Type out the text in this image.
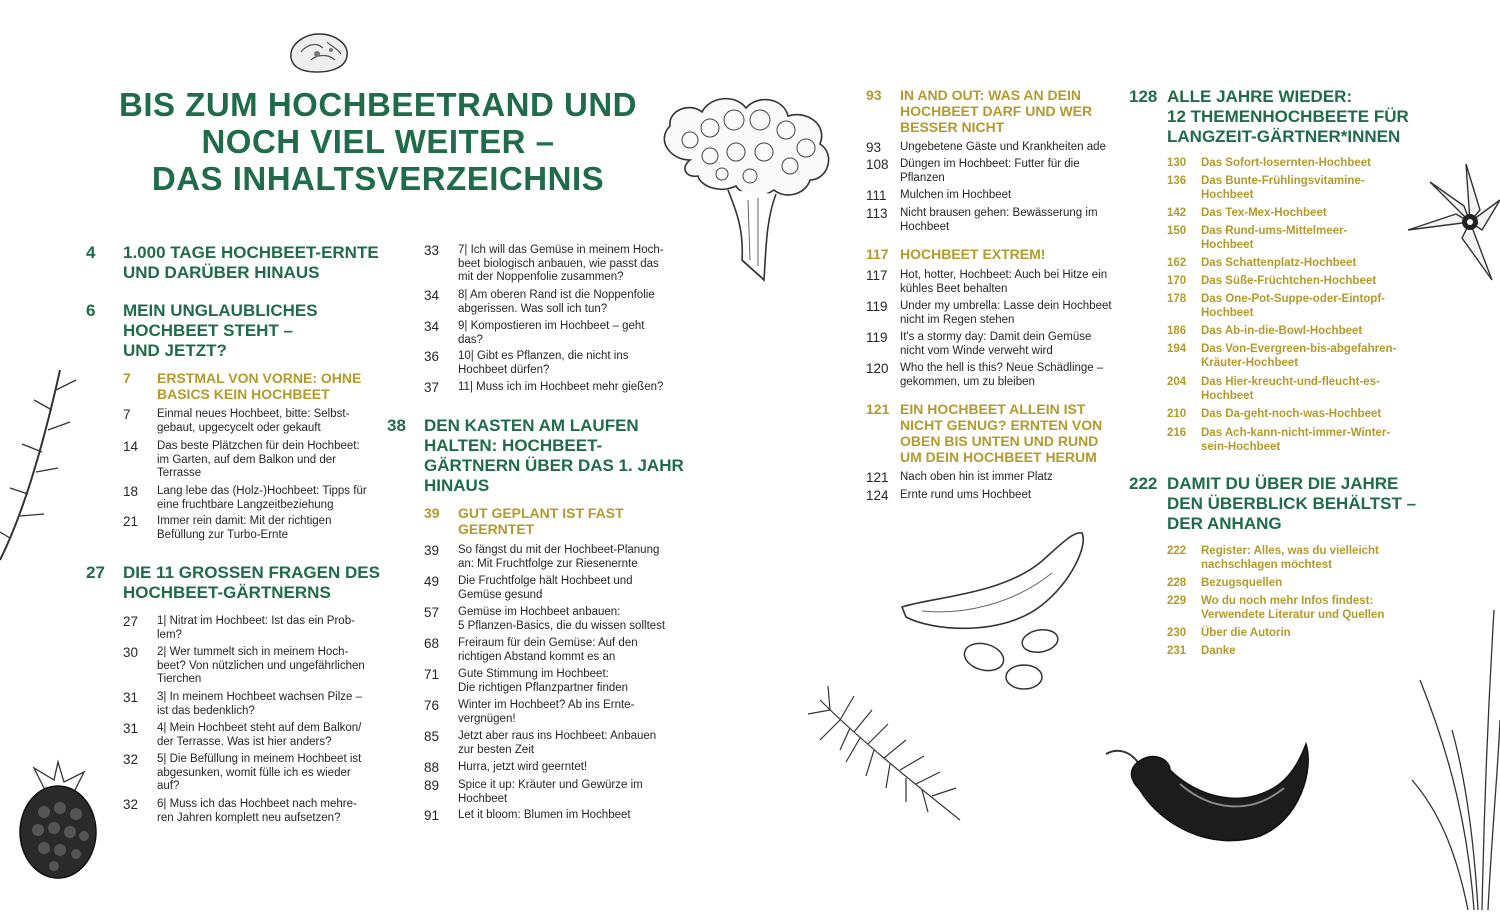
BIS ZUM HOCHBEETRAND UND
NOCH VIEL WEITER –
DAS INHALTSVERZEICHNIS
4 1.000 TAGE HOCHBEET-ERNTE
UND DARÜBER HINAUS
6 MEIN UNGLAUBLICHES
HOCHBEET STEHT –
UND JETZT?
7 ERSTMAL VON VORNE: OHNE
BASICS KEIN HOCHBEET
7 Einmal neues Hochbeet, bitte: Selbst-
gebaut, upgecycelt oder gekauft
14 Das beste Plätzchen für dein Hochbeet:
im Garten, auf dem Balkon und der
Terrasse
18 Lang lebe das (Holz-)Hochbeet: Tipps für
eine fruchtbare Langzeitbeziehung
21 Immer rein damit: Mit der richtigen
Befüllung zur Turbo-Ernte
27 DIE 11 GROSSEN FRAGEN DES
HOCHBEET-GÄRTNERNS
27 1| Nitrat im Hochbeet: Ist das ein Prob-
lem?
30 2| Wer tummelt sich in meinem Hoch-
beet? Von nützlichen und ungefährlichen
Tierchen
31 3| In meinem Hochbeet wachsen Pilze –
ist das bedenklich?
31 4| Mein Hochbeet steht auf dem Balkon/
der Terrasse. Was ist hier anders?
32 5| Die Befüllung in meinem Hochbeet ist
abgesunken, womit fülle ich es wieder
auf?
32 6| Muss ich das Hochbeet nach mehre-
ren Jahren komplett neu aufsetzen?
33 7| Ich will das Gemüse in meinem Hoch-
beet biologisch anbauen, wie passt das
mit der Noppenfolie zusammen?
34 8| Am oberen Rand ist die Noppenfolie
abgerissen. Was soll ich tun?
34 9| Kompostieren im Hochbeet – geht
das?
36 10| Gibt es Pflanzen, die nicht ins
Hochbeet dürfen?
37 11| Muss ich im Hochbeet mehr gießen?
38 DEN KASTEN AM LAUFEN
HALTEN: HOCHBEET-
GÄRTNERN ÜBER DAS 1. JAHR
HINAUS
39 GUT GEPLANT IST FAST
GEERNTET
39 So fängst du mit der Hochbeet-Planung
an: Mit Fruchtfolge zur Riesenernte
49 Die Fruchtfolge hält Hochbeet und
Gemüse gesund
57 Gemüse im Hochbeet anbauen:
5 Pflanzen-Basics, die du wissen solltest
68 Freiraum für dein Gemüse: Auf den
richtigen Abstand kommt es an
71 Gute Stimmung im Hochbeet:
Die richtigen Pflanzpartner finden
76 Winter im Hochbeet? Ab ins Ernte-
vergnügen!
85 Jetzt aber raus ins Hochbeet: Anbauen
zur besten Zeit
88 Hurra, jetzt wird geerntet!
89 Spice it up: Kräuter und Gewürze im
Hochbeet
91 Let it bloom: Blumen im Hochbeet
93 IN AND OUT: WAS AN DEIN
HOCHBEET DARF UND WER
BESSER NICHT
93 Ungebetene Gäste und Krankheiten ade
108 Düngen im Hochbeet: Futter für die
Pflanzen
111 Mulchen im Hochbeet
113 Nicht brausen gehen: Bewässerung im
Hochbeet
117 HOCHBEET EXTREM!
117 Hot, hotter, Hochbeet: Auch bei Hitze ein
kühles Beet behalten
119 Under my umbrella: Lasse dein Hochbeet
nicht im Regen stehen
119 It's a stormy day: Damit dein Gemüse
nicht vom Winde verweht wird
120 Who the hell is this? Neue Schädlinge –
gekommen, um zu bleiben
121 EIN HOCHBEET ALLEIN IST
NICHT GENUG? ERNTEN VON
OBEN BIS UNTEN UND RUND
UM DEIN HOCHBEET HERUM
121 Nach oben hin ist immer Platz
124 Ernte rund ums Hochbeet
128 ALLE JAHRE WIEDER:
12 THEMENHOCHBEETE FÜR
LANGZEIT-GÄRTNER*INNEN
130 Das Sofort-losernten-Hochbeet
136 Das Bunte-Frühlingsvitamine-
Hochbeet
142 Das Tex-Mex-Hochbeet
150 Das Rund-ums-Mittelmeer-
Hochbeet
162 Das Schattenplatz-Hochbeet
170 Das Süße-Früchtchen-Hochbeet
178 Das One-Pot-Suppe-oder-Eintopf-
Hochbeet
186 Das Ab-in-die-Bowl-Hochbeet
194 Das Von-Evergreen-bis-abgefahren-
Kräuter-Hochbeet
204 Das Hier-kreucht-und-fleucht-es-
Hochbeet
210 Das Da-geht-noch-was-Hochbeet
216 Das Ach-kann-nicht-immer-Winter-
sein-Hochbeet
222 DAMIT DU ÜBER DIE JAHRE
DEN ÜBERBLICK BEHÄLTST –
DER ANHANG
222 Register: Alles, was du vielleicht
nachschlagen möchtest
228 Bezugsquellen
229 Wo du noch mehr Infos findest:
Verwendete Literatur und Quellen
230 Über die Autorin
231 Danke
